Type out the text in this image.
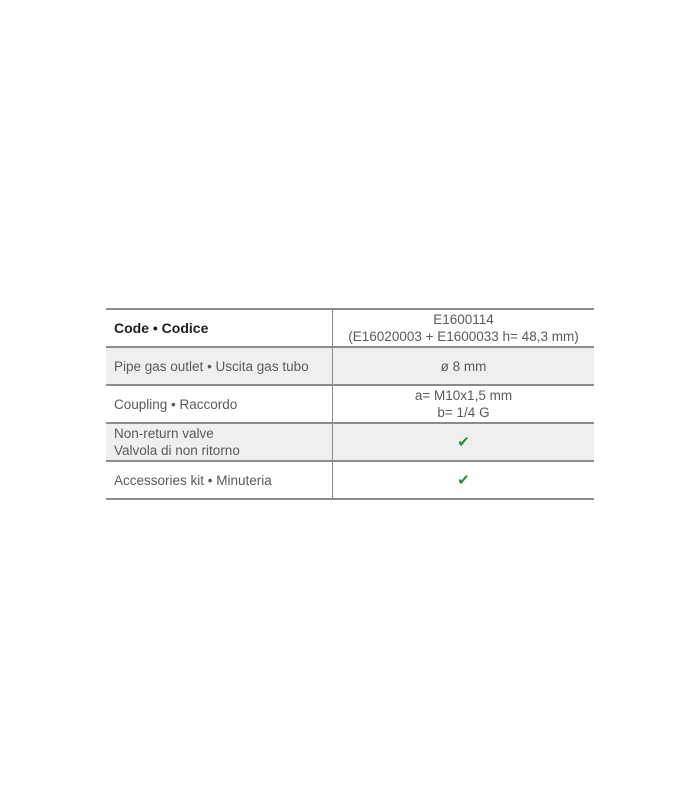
Code • Codice	E1600114
(E16020003 + E1600033 h= 48,3 mm)

Pipe gas outlet • Uscita gas tubo	ø 8 mm
Coupling • Raccordo	a= M10x1,5 mm
b= 1/4 G

Non-return valve
Valvola di non ritorno	✔
Accessories kit • Minuteria	✔
